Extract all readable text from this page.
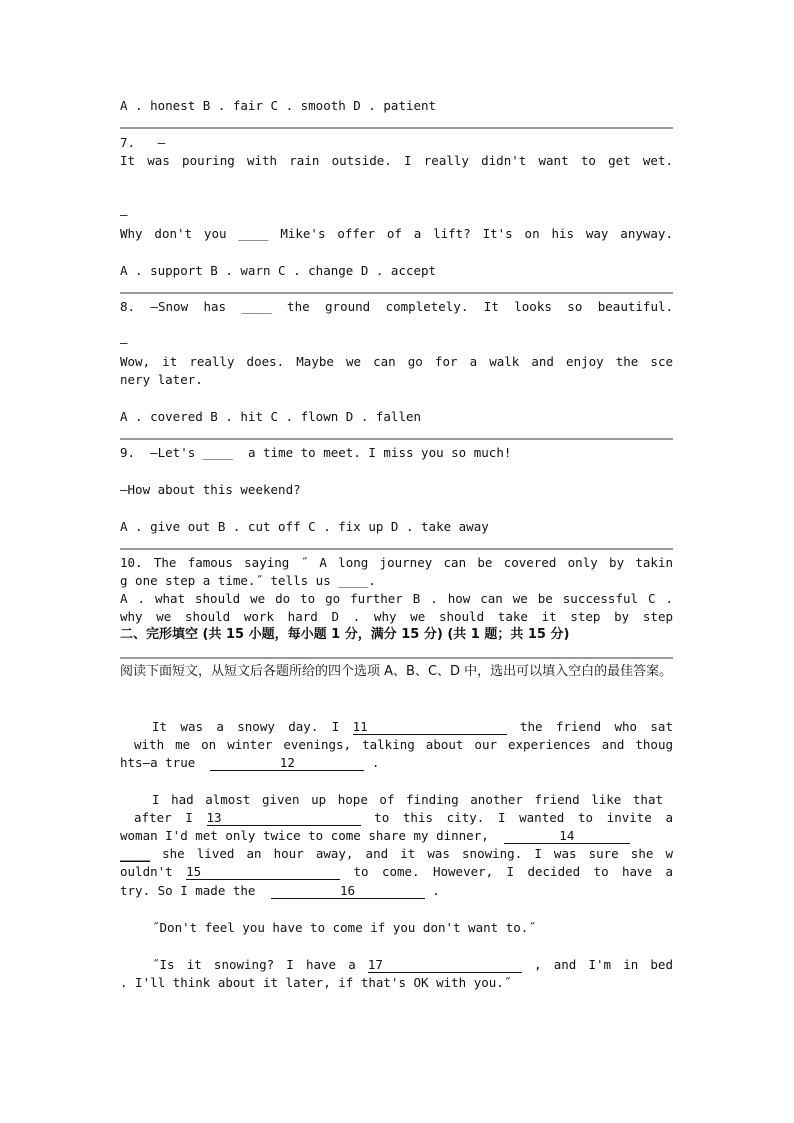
A . honest B . fair C . smooth D . patient
7. —
It was pouring with rain outside. I really didn't want to get wet.
—
Why don't you ____ Mike's offer of a lift? It's on his way anyway.
A . support B . warn C . change D . accept
8. —Snow has ____ the ground completely. It looks so beautiful.
—
Wow, it really does. Maybe we can go for a walk and enjoy the sce
nery later.
A . covered B . hit C . flown D . fallen
9.  —Let's ____ a time to meet. I miss you so much!
—How about this weekend?
A . give out B . cut off C . fix up D . take away
10. The famous saying ˝ A long journey can be covered only by takin
g one step a time.˝ tells us ____.
A . what should we do to go further B . how can we be successful C .
why we should work hard D . why we should take it step by step
二、完形填空 (共 15 小题，每小题 1 分，满分 15 分) (共 1 题；共 15 分)
阅读下面短文，从短文后各题所给的四个选项 A、B、C、D 中，选出可以填入空白的最佳答案。
It was a snowy day. I 11	the friend who sat
with me on winter evenings, talking about our experiences and thoug
hts—a true	12	.
I had almost given up hope of finding another friend like that
after I 13	to this city. I wanted to invite a
woman I'd met only twice to come share my dinner,	14
____ she lived an hour away, and it was snowing. I was sure she w
ouldn't 15	to come. However, I decided to have a
try. So I made the	16	.
˝Don't feel you have to come if you don't want to.˝
˝Is it snowing? I have a 17	, and I'm in bed
. I'll think about it later, if that's OK with you.˝
